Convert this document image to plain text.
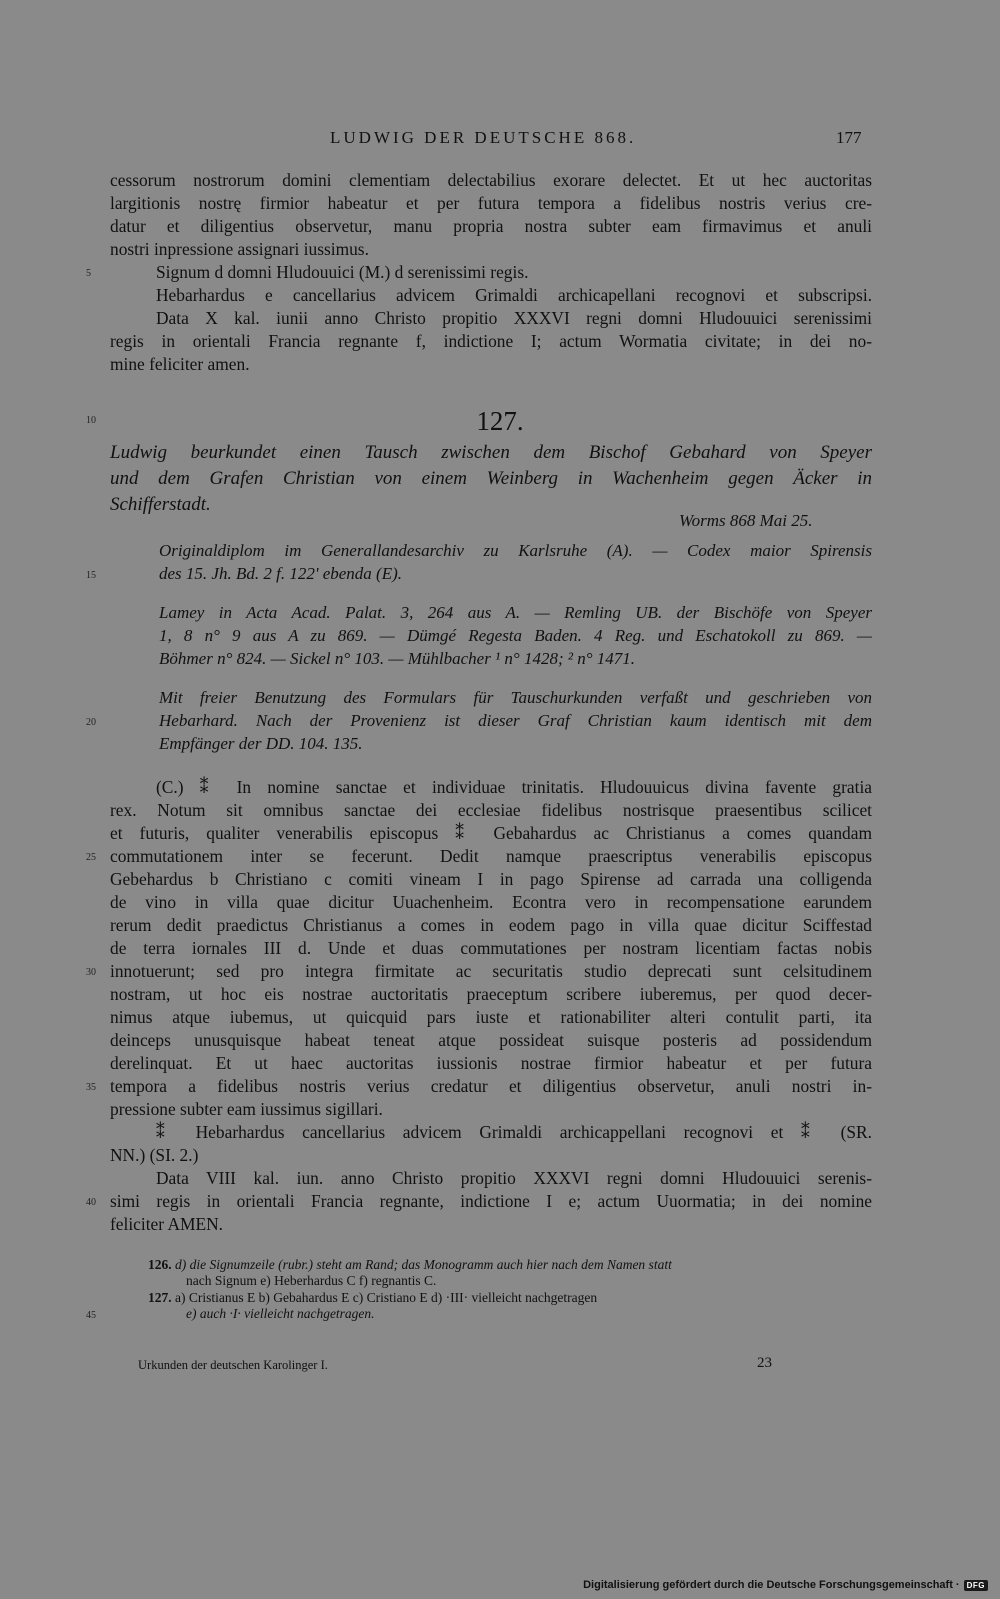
LUDWIG DER DEUTSCHE 868.	177
cessorum nostrorum domini clementiam delectabilius exorare delectet. Et ut hec auctoritas
largitionis nostrę firmior habeatur et per futura tempora a fidelibus nostris verius cre-
datur et diligentius observetur, manu propria nostra subter eam firmavimus et anuli
nostri inpressione assignari iussimus.
5	Signum d domni Hludouuici (M.) d serenissimi regis.
Hebarhardus e cancellarius advicem Grimaldi archicapellani recognovi et subscripsi.
Data X kal. iunii anno Christo propitio XXXVI regni domni Hludouuici serenissimi
regis in orientali Francia regnante f, indictione I; actum Wormatia civitate; in dei no-
mine feliciter amen.
10	127.
Ludwig beurkundet einen Tausch zwischen dem Bischof Gebahard von Speyer
und dem Grafen Christian von einem Weinberg in Wachenheim gegen Äcker in
Schifferstadt.
Worms 868 Mai 25.
Originaldiplom im Generallandesarchiv zu Karlsruhe (A). — Codex maior Spirensis
15	des 15. Jh. Bd. 2 f. 122' ebenda (E).
Lamey in Acta Acad. Palat. 3, 264 aus A. — Remling UB. der Bischöfe von Speyer
1, 8 n° 9 aus A zu 869. — Dümgé Regesta Baden. 4 Reg. und Eschatokoll zu 869. —
Böhmer n° 824. — Sickel n° 103. — Mühlbacher ¹ n° 1428; ² n° 1471.
Mit freier Benutzung des Formulars für Tauschurkunden verfaßt und geschrieben von
20	Hebarhard. Nach der Provenienz ist dieser Graf Christian kaum identisch mit dem
Empfänger der DD. 104. 135.
(C.) ⁑ In nomine sanctae et individuae trinitatis. Hludouuicus divina favente gratia
rex. Notum sit omnibus sanctae dei ecclesiae fidelibus nostrisque praesentibus scilicet
et futuris, qualiter venerabilis episcopus ⁑ Gebahardus ac Christianus a comes quandam
25 commutationem inter se fecerunt. Dedit namque praescriptus venerabilis episcopus
Gebehardus b Christiano c comiti vineam I in pago Spirense ad carrada una colligenda
de vino in villa quae dicitur Uuachenheim. Econtra vero in recompensatione earundem
rerum dedit praedictus Christianus a comes in eodem pago in villa quae dicitur Sciffestad
de terra iornales III d. Unde et duas commutationes per nostram licentiam factas nobis
30 innotuerunt; sed pro integra firmitate ac securitatis studio deprecati sunt celsitudinem
nostram, ut hoc eis nostrae auctoritatis praeceptum scribere iuberemus, per quod decer-
nimus atque iubemus, ut quicquid pars iuste et rationabiliter alteri contulit parti, ita
deinceps unusquisque habeat teneat atque possideat suisque posteris ad possidendum
derelinquat. Et ut haec auctoritas iussionis nostrae firmior habeatur et per futura
35 tempora a fidelibus nostris verius credatur et diligentius observetur, anuli nostri in-
pressione subter eam iussimus sigillari.
⁑ Hebarhardus cancellarius advicem Grimaldi archicappellani recognovi et ⁑ (SR.
NN.) (SI. 2.)
Data VIII kal. iun. anno Christo propitio XXXVI regni domni Hludouuici serenis-
40 simi regis in orientali Francia regnante, indictione I e; actum Uuormatia; in dei nomine
feliciter AMEN.
126. d) die Signumzeile (rubr.) steht am Rand; das Monogramm auch hier nach dem Namen statt
nach Signum e) Heberhardus C f) regnantis C.
127. a) Cristianus E b) Gebahardus E c) Cristiano E d) ·III· vielleicht nachgetragen
45	e) auch ·I· vielleicht nachgetragen.
Urkunden der deutschen Karolinger I.	23
Digitalisierung gefördert durch die Deutsche Forschungsgemeinschaft · DFG
